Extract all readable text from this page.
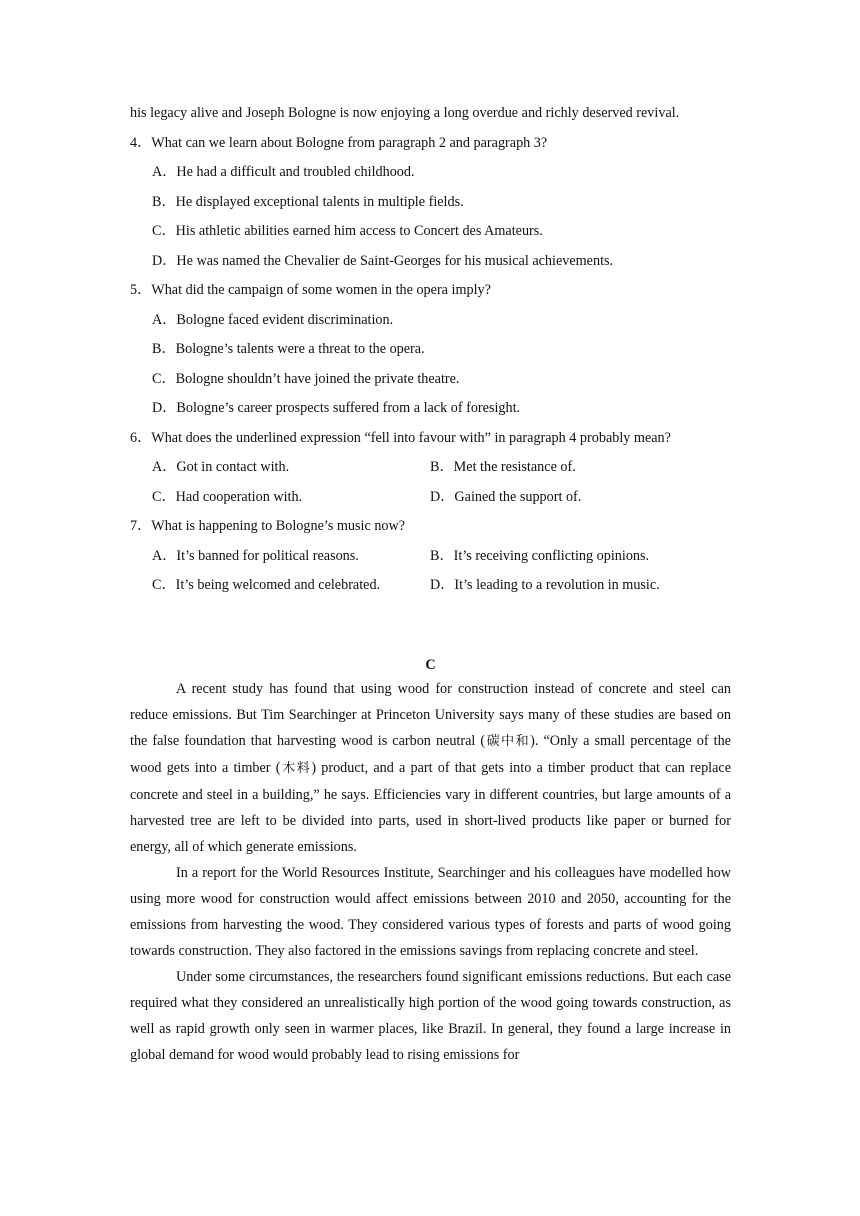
his legacy alive and Joseph Bologne is now enjoying a long overdue and richly deserved revival.
4．What can we learn about Bologne from paragraph 2 and paragraph 3?
A．He had a difficult and troubled childhood.
B．He displayed exceptional talents in multiple fields.
C．His athletic abilities earned him access to Concert des Amateurs.
D．He was named the Chevalier de Saint-Georges for his musical achievements.
5．What did the campaign of some women in the opera imply?
A．Bologne faced evident discrimination.
B．Bologne’s talents were a threat to the opera.
C．Bologne shouldn’t have joined the private theatre.
D．Bologne’s career prospects suffered from a lack of foresight.
6．What does the underlined expression “fell into favour with” in paragraph 4 probably mean?
A．Got in contact with.	B．Met the resistance of.
C．Had cooperation with.	D．Gained the support of.
7．What is happening to Bologne’s music now?
A．It’s banned for political reasons.	B．It’s receiving conflicting opinions.
C．It’s being welcomed and celebrated.	D．It’s leading to a revolution in music.
C

A recent study has found that using wood for construction instead of concrete and steel can reduce emissions. But Tim Searchinger at Princeton University says many of these studies are based on the false foundation that harvesting wood is carbon neutral (碳中和). “Only a small percentage of the wood gets into a timber (木料) product, and a part of that gets into a timber product that can replace concrete and steel in a building,” he says. Efficiencies vary in different countries, but large amounts of a harvested tree are left to be divided into parts, used in short-lived products like paper or burned for energy, all of which generate emissions.

In a report for the World Resources Institute, Searchinger and his colleagues have modelled how using more wood for construction would affect emissions between 2010 and 2050, accounting for the emissions from harvesting the wood. They considered various types of forests and parts of wood going towards construction. They also factored in the emissions savings from replacing concrete and steel.

Under some circumstances, the researchers found significant emissions reductions. But each case required what they considered an unrealistically high portion of the wood going towards construction, as well as rapid growth only seen in warmer places, like Brazil. In general, they found a large increase in global demand for wood would probably lead to rising emissions for
